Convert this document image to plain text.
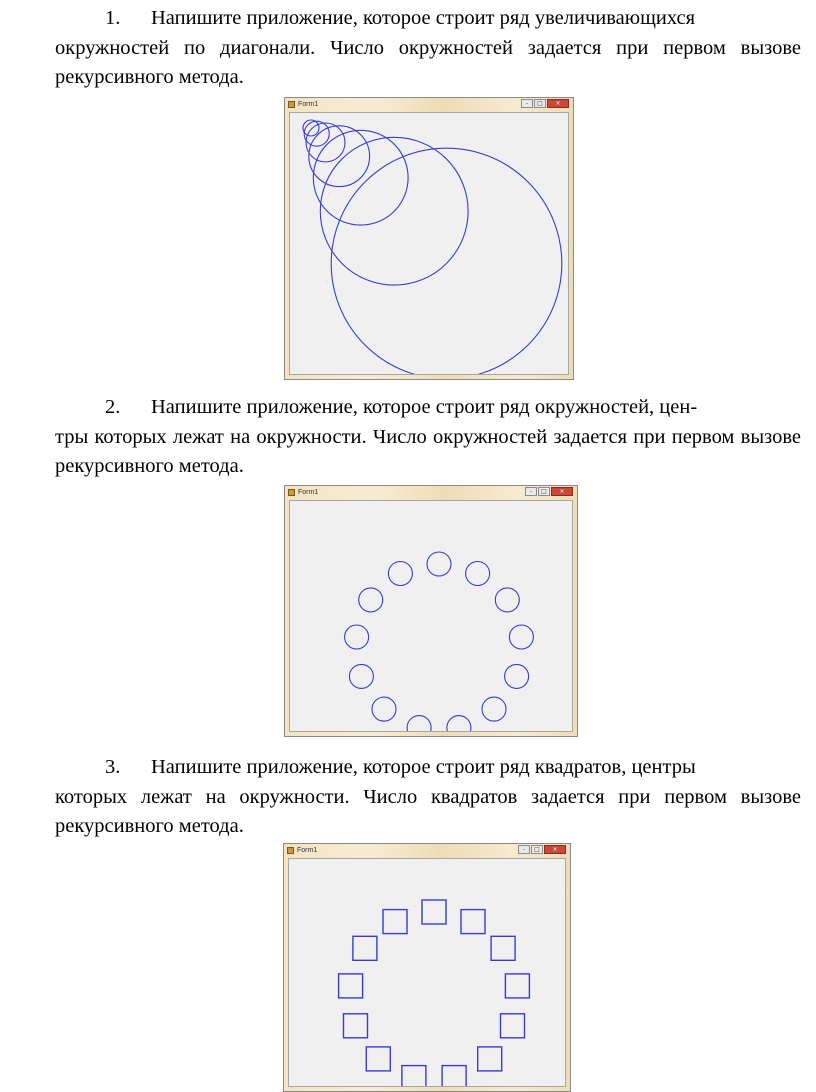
1. Напишите приложение, которое строит ряд увеличивающихся
окружностей по диагонали. Число окружностей задается при первом вызове рекурсивного метода.
Form1	-	□	×
2. Напишите приложение, которое строит ряд окружностей, цен-
тры которых лежат на окружности. Число окружностей задается при первом вызове рекурсивного метода.
Form1	-	□	×
3. Напишите приложение, которое строит ряд квадратов, центры
которых лежат на окружности. Число квадратов задается при первом вызове рекурсивного метода.
Form1	-	□	×
